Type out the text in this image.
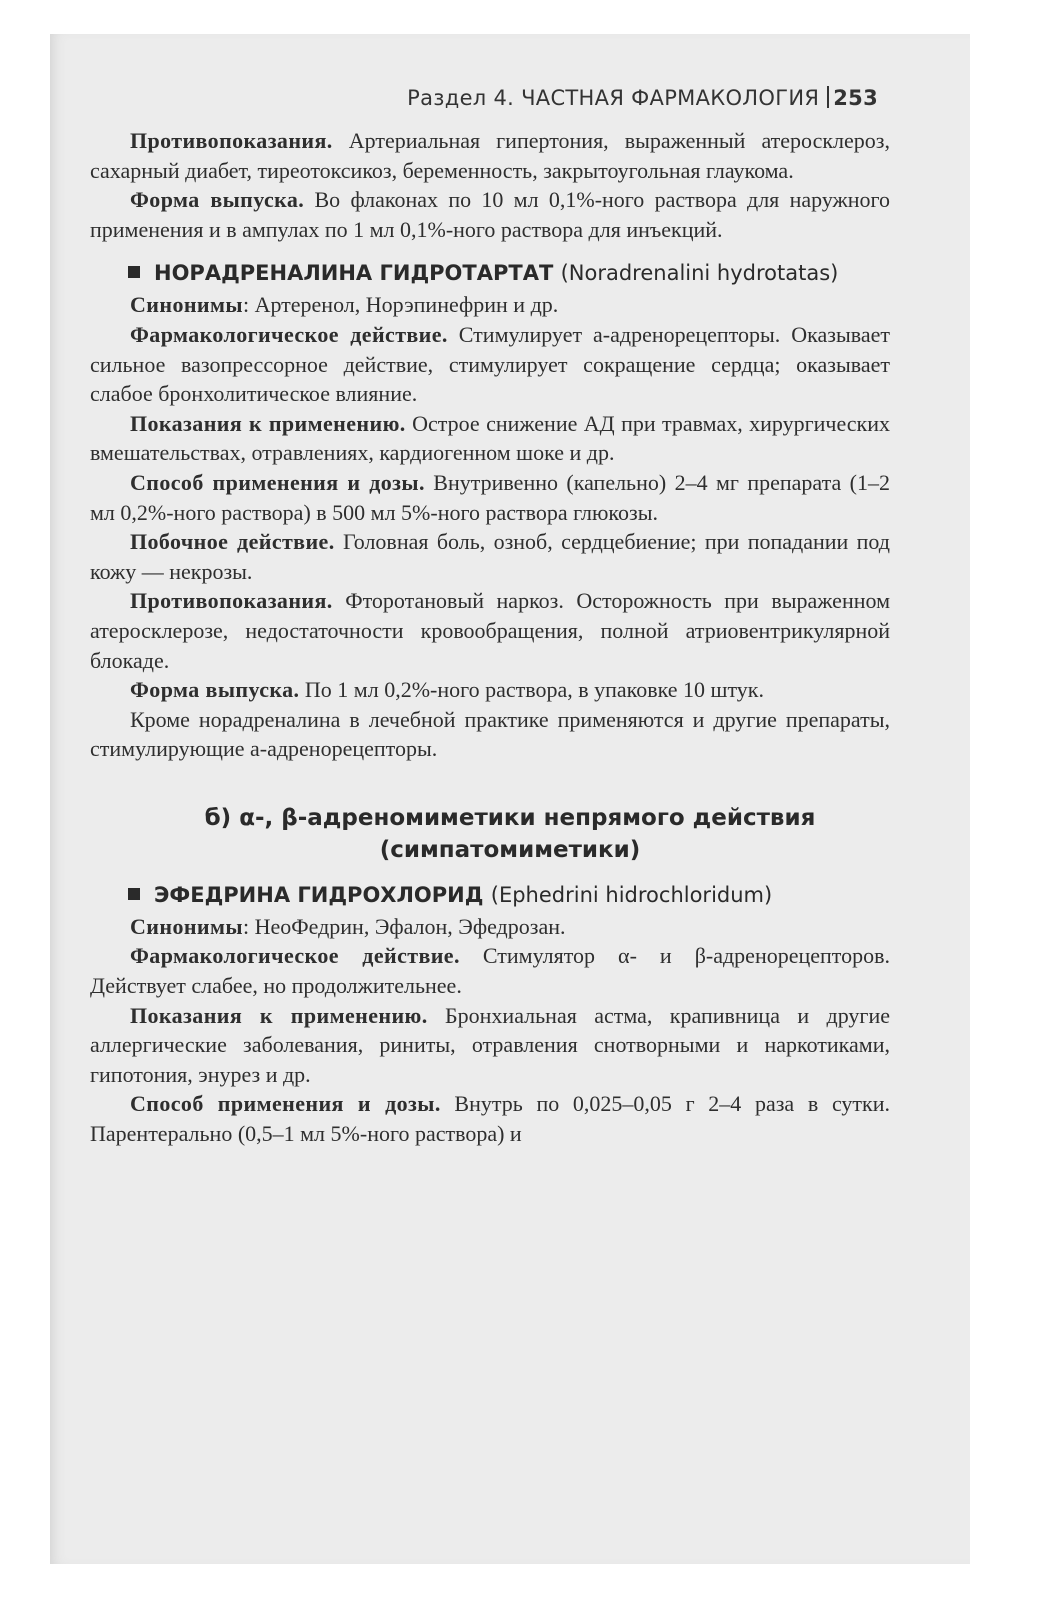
Раздел 4. ЧАСТНАЯ ФАРМАКОЛОГИЯ 253

Противопоказания. Артериальная гипертония, выраженный атеросклероз, сахарный диабет, тиреотоксикоз, беременность, закрытоугольная глаукома.

Форма выпуска. Во флаконах по 10 мл 0,1%-ного раствора для наружного применения и в ампулах по 1 мл 0,1%-ного раствора для инъекций.

НОРАДРЕНАЛИНА ГИДРОТАРТАТ (Noradrenalini hydrotatas)

Синонимы: Артеренол, Норэпинефрин и др.

Фармакологическое действие. Стимулирует а-адренорецепторы. Оказывает сильное вазопрессорное действие, стимулирует сокращение сердца; оказывает слабое бронхолитическое влияние.

Показания к применению. Острое снижение АД при травмах, хирургических вмешательствах, отравлениях, кардиогенном шоке и др.

Способ применения и дозы. Внутривенно (капельно) 2–4 мг препарата (1–2 мл 0,2%-ного раствора) в 500 мл 5%-ного раствора глюкозы.

Побочное действие. Головная боль, озноб, сердцебиение; при попадании под кожу — некрозы.

Противопоказания. Фторотановый наркоз. Осторожность при выраженном атеросклерозе, недостаточности кровообращения, полной атриовентрикулярной блокаде.

Форма выпуска. По 1 мл 0,2%-ного раствора, в упаковке 10 штук.

Кроме норадреналина в лечебной практике применяются и другие препараты, стимулирующие а-адренорецепторы.

б) α-, β-адреномиметики непрямого действия
(симпатомиметики)
ЭФЕДРИНА ГИДРОХЛОРИД (Ephedrini hidrochloridum)

Синонимы: НеоФедрин, Эфалон, Эфедрозан.

Фармакологическое действие. Стимулятор α- и β-адренорецепторов. Действует слабее, но продолжительнее.

Показания к применению. Бронхиальная астма, крапивница и другие аллергические заболевания, риниты, отравления снотворными и наркотиками, гипотония, энурез и др.

Способ применения и дозы. Внутрь по 0,025–0,05 г 2–4 раза в сутки. Парентерально (0,5–1 мл 5%-ного раствора) и
